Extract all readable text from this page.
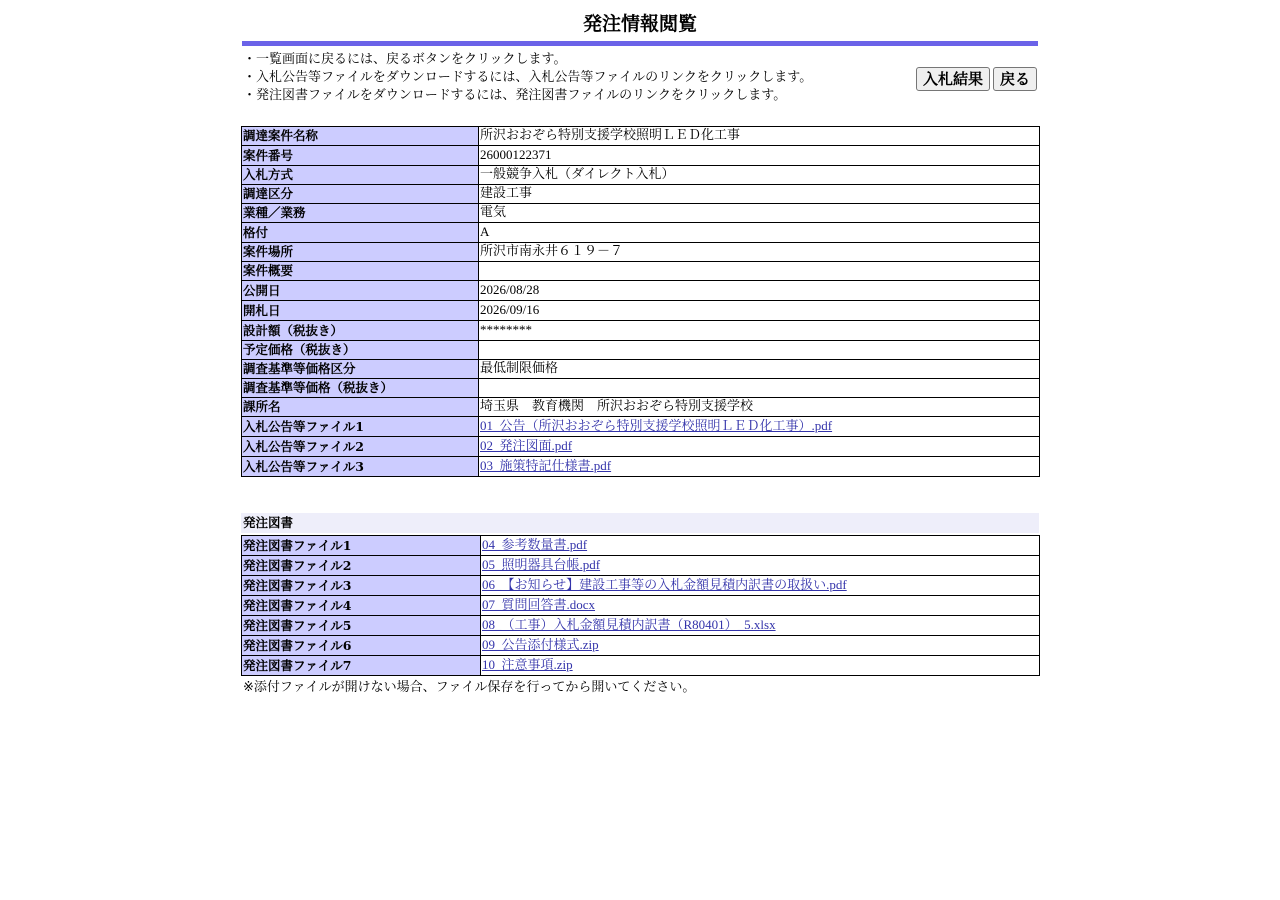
発注情報閲覧
・一覧画面に戻るには、戻るボタンをクリックします。
・入札公告等ファイルをダウンロードするには、入札公告等ファイルのリンクをクリックします。
・発注図書ファイルをダウンロードするには、発注図書ファイルのリンクをクリックします。
入札結果	戻る
調達案件名称	所沢おおぞら特別支援学校照明ＬＥＤ化工事
案件番号	26000122371
入札方式	一般競争入札（ダイレクト入札）
調達区分	建設工事
業種／業務	電気
格付	A
案件場所	所沢市南永井６１９－７
案件概要	
公開日	2026/08/28
開札日	2026/09/16
設計額（税抜き）	********
予定価格（税抜き）	
調査基準等価格区分	最低制限価格
調査基準等価格（税抜き）	
課所名	埼玉県　教育機関　所沢おおぞら特別支援学校
入札公告等ファイル1	01_公告（所沢おおぞら特別支援学校照明ＬＥＤ化工事）.pdf
入札公告等ファイル2	02_発注図面.pdf
入札公告等ファイル3	03_施策特記仕様書.pdf
発注図書
発注図書ファイル1	04_参考数量書.pdf
発注図書ファイル2	05_照明器具台帳.pdf
発注図書ファイル3	06_【お知らせ】建設工事等の入札金額見積内訳書の取扱い.pdf
発注図書ファイル4	07_質問回答書.docx
発注図書ファイル5	08_（工事）入札金額見積内訳書（R80401）_5.xlsx
発注図書ファイル6	09_公告添付様式.zip
発注図書ファイル7	10_注意事項.zip
※添付ファイルが開けない場合、ファイル保存を行ってから開いてください。
